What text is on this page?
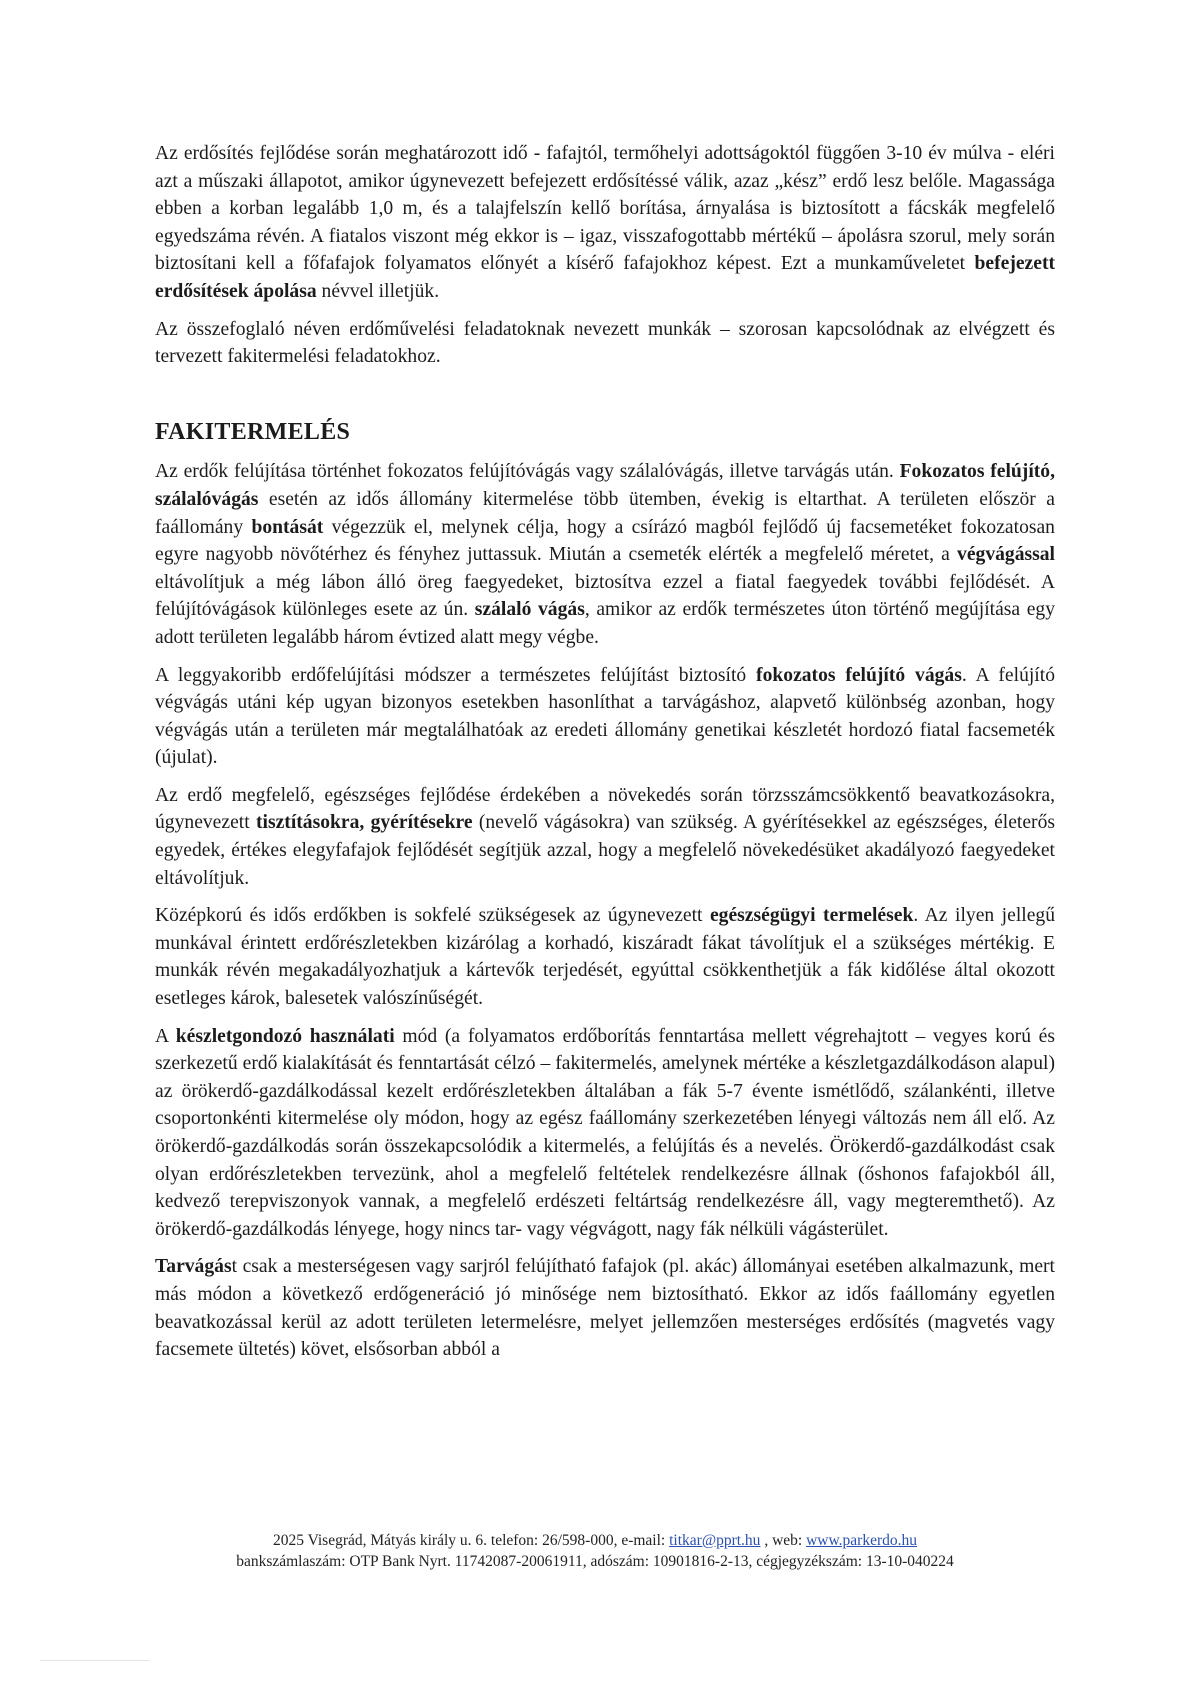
Az erdősítés fejlődése során meghatározott idő - fafajtól, termőhelyi adottságoktól függően 3-10 év múlva - eléri azt a műszaki állapotot, amikor úgynevezett befejezett erdősítéssé válik, azaz „kész” erdő lesz belőle. Magassága ebben a korban legalább 1,0 m, és a talajfelszín kellő borítása, árnyalása is biztosított a fácskák megfelelő egyedszáma révén. A fiatalos viszont még ekkor is – igaz, visszafogottabb mértékű – ápolásra szorul, mely során biztosítani kell a főfafajok folyamatos előnyét a kísérő fafajokhoz képest. Ezt a munkaműveletet befejezett erdősítések ápolása névvel illetjük.

Az összefoglaló néven erdőművelési feladatoknak nevezett munkák – szorosan kapcsolódnak az elvégzett és tervezett fakitermelési feladatokhoz.

FAKITERMELÉS

Az erdők felújítása történhet fokozatos felújítóvágás vagy szálalóvágás, illetve tarvágás után. Fokozatos felújító, szálalóvágás esetén az idős állomány kitermelése több ütemben, évekig is eltarthat. A területen először a faállomány bontását végezzük el, melynek célja, hogy a csírázó magból fejlődő új facsemetéket fokozatosan egyre nagyobb növőtérhez és fényhez juttassuk. Miután a csemeték elérték a megfelelő méretet, a végvágással eltávolítjuk a még lábon álló öreg faegyedeket, biztosítva ezzel a fiatal faegyedek további fejlődését. A felújítóvágások különleges esete az ún. szálaló vágás, amikor az erdők természetes úton történő megújítása egy adott területen legalább három évtized alatt megy végbe.

A leggyakoribb erdőfelújítási módszer a természetes felújítást biztosító fokozatos felújító vágás. A felújító végvágás utáni kép ugyan bizonyos esetekben hasonlíthat a tarvágáshoz, alapvető különbség azonban, hogy végvágás után a területen már megtalálhatóak az eredeti állomány genetikai készletét hordozó fiatal facsemeték (újulat).

Az erdő megfelelő, egészséges fejlődése érdekében a növekedés során törzsszámcsökkentő beavatkozásokra, úgynevezett tisztításokra, gyérítésekre (nevelő vágásokra) van szükség. A gyérítésekkel az egészséges, életerős egyedek, értékes elegyfafajok fejlődését segítjük azzal, hogy a megfelelő növekedésüket akadályozó faegyedeket eltávolítjuk.

Középkorú és idős erdőkben is sokfelé szükségesek az úgynevezett egészségügyi termelések. Az ilyen jellegű munkával érintett erdőrészletekben kizárólag a korhadó, kiszáradt fákat távolítjuk el a szükséges mértékig. E munkák révén megakadályozhatjuk a kártevők terjedését, egyúttal csökkenthetjük a fák kidőlése által okozott esetleges károk, balesetek valószínűségét.

A készletgondozó használati mód (a folyamatos erdőborítás fenntartása mellett végrehajtott – vegyes korú és szerkezetű erdő kialakítását és fenntartását célzó – fakitermelés, amelynek mértéke a készletgazdálkodáson alapul) az örökerdő-gazdálkodással kezelt erdőrészletekben általában a fák 5-7 évente ismétlődő, szálankénti, illetve csoportonkénti kitermelése oly módon, hogy az egész faállomány szerkezetében lényegi változás nem áll elő. Az örökerdő-gazdálkodás során összekapcsolódik a kitermelés, a felújítás és a nevelés. Örökerdő-gazdálkodást csak olyan erdőrészletekben tervezünk, ahol a megfelelő feltételek rendelkezésre állnak (őshonos fafajokból áll, kedvező terepviszonyok vannak, a megfelelő erdészeti feltártság rendelkezésre áll, vagy megteremthető). Az örökerdő-gazdálkodás lényege, hogy nincs tar- vagy végvágott, nagy fák nélküli vágásterület.

Tarvágást csak a mesterségesen vagy sarjról felújítható fafajok (pl. akác) állományai esetében alkalmazunk, mert más módon a következő erdőgeneráció jó minősége nem biztosítható. Ekkor az idős faállomány egyetlen beavatkozással kerül az adott területen letermelésre, melyet jellemzően mesterséges erdősítés (magvetés vagy facsemete ültetés) követ, elsősorban abból a

2025 Visegrád, Mátyás király u. 6. telefon: 26/598-000, e-mail: titkar@pprt.hu , web: www.parkerdo.hu
bankszámlaszám: OTP Bank Nyrt. 11742087-20061911, adószám: 10901816-2-13, cégjegyzékszám: 13-10-040224
